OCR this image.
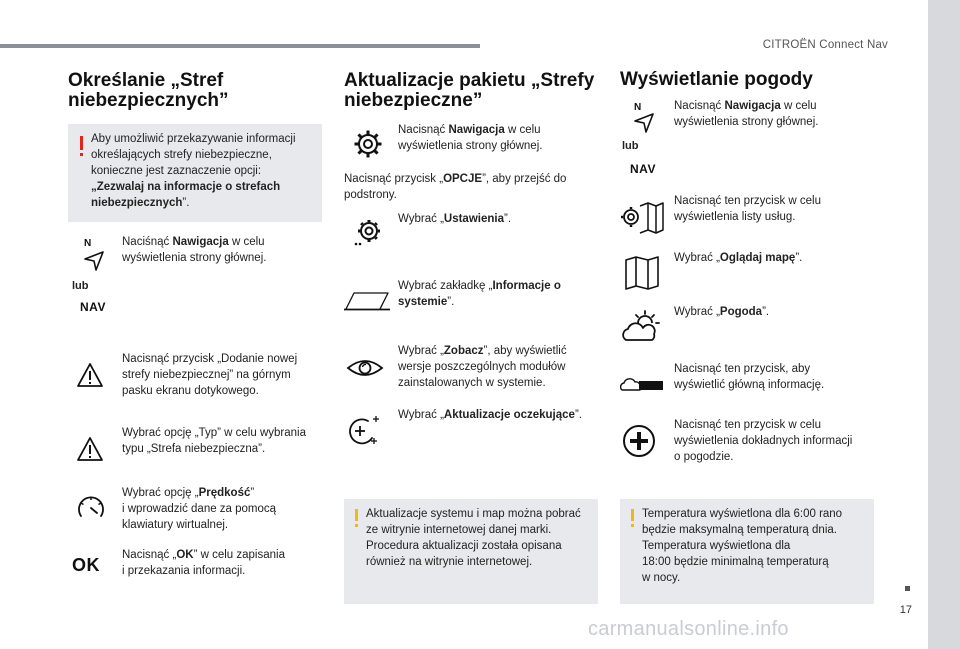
CITROËN Connect Nav
17
carmanualsonline.info
Określanie „Stref
niebezpiecznych”
Aby umożliwić przekazywanie informacji
określających strefy niebezpieczne,
konieczne jest zaznaczenie opcji:
„Zezwalaj na informacje o strefach
niebezpiecznych”.
N	Naciśnąć Nawigacja w celu
wyświetlenia strony głównej.
lub
NAV
Nacisnąć przycisk „Dodanie nowej
strefy niebezpiecznej” na górnym
pasku ekranu dotykowego.
Wybrać opcję „Typ” w celu wybrania
typu „Strefa niebezpieczna”.
Wybrać opcję „Prędkość”
i wprowadzić dane za pomocą
klawiatury wirtualnej.
OK Nacisnąć „OK” w celu zapisania
i przekazania informacji.
Aktualizacje pakietu „Strefy
niebezpieczne”
Nacisnąć Nawigacja w celu
wyświetlenia strony głównej.
Nacisnąć przycisk „OPCJE”, aby przejść do
podstrony.
Wybrać „Ustawienia”.
Wybrać zakładkę „Informacje o
systemie”.
Wybrać „Zobacz”, aby wyświetlić
wersje poszczególnych modułów
zainstalowanych w systemie.
Wybrać „Aktualizacje oczekujące”.
Aktualizacje systemu i map można pobrać
ze witrynie internetowej danej marki.
Procedura aktualizacji została opisana
również na witrynie internetowej.
Wyświetlanie pogody
N	Nacisnąć Nawigacja w celu
wyświetlenia strony głównej.
lub
NAV
Nacisnąć ten przycisk w celu
wyświetlenia listy usług.
Wybrać „Oglądaj mapę”.
Wybrać „Pogoda”.
Nacisnąć ten przycisk, aby
wyświetlić główną informację.
Nacisnąć ten przycisk w celu
wyświetlenia dokładnych informacji
o pogodzie.
Temperatura wyświetlona dla 6:00 rano
będzie maksymalną temperaturą dnia.
Temperatura wyświetlona dla
18:00 będzie minimalną temperaturą
w nocy.
